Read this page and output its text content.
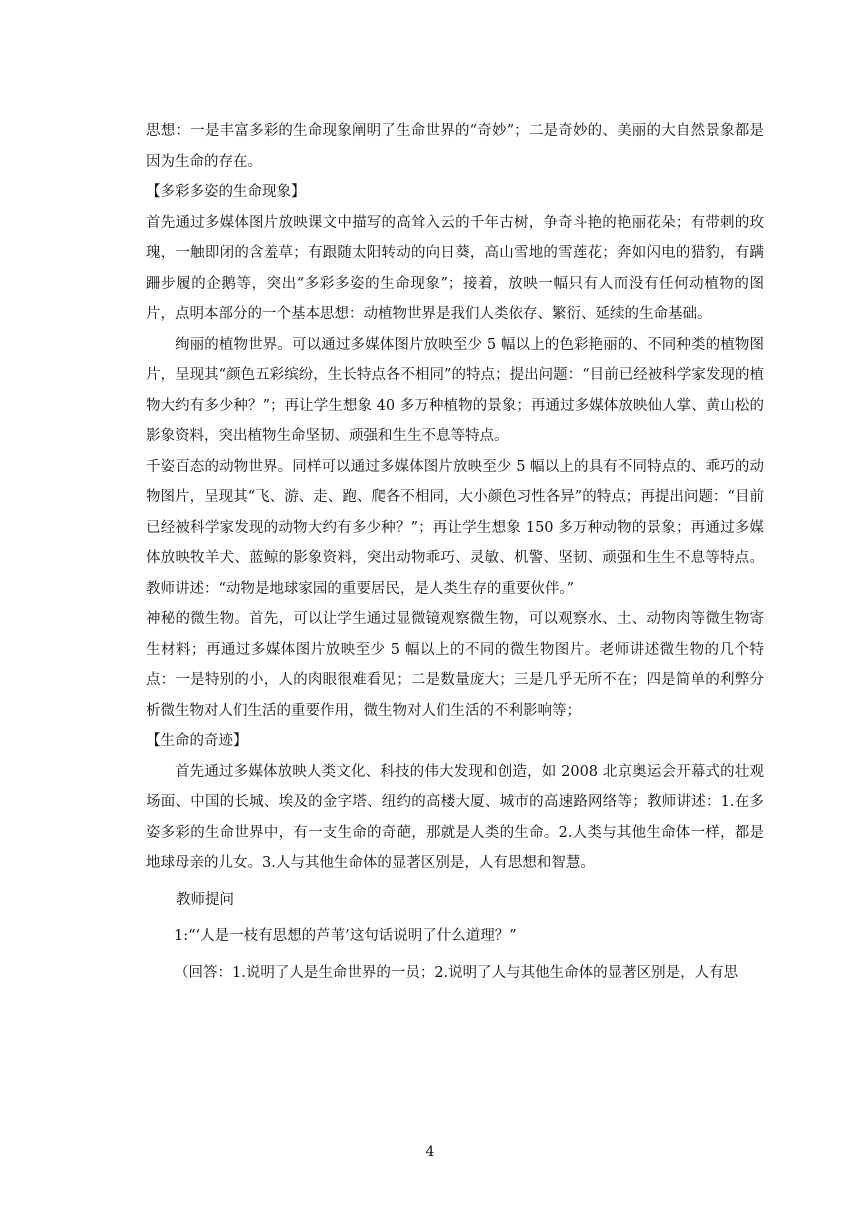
思想：一是丰富多彩的生命现象阐明了生命世界的“奇妙”；二是奇妙的、美丽的大自然景象都是因为生命的存在。

【多彩多姿的生命现象】

首先通过多媒体图片放映课文中描写的高耸入云的千年古树，争奇斗艳的艳丽花朵；有带刺的玫瑰，一触即闭的含羞草；有跟随太阳转动的向日葵，高山雪地的雪莲花；奔如闪电的猎豹，有蹒跚步履的企鹅等，突出“多彩多姿的生命现象”；接着，放映一幅只有人而没有任何动植物的图片，点明本部分的一个基本思想：动植物世界是我们人类依存、繁衍、延续的生命基础。

绚丽的植物世界。可以通过多媒体图片放映至少 5 幅以上的色彩艳丽的、不同种类的植物图片，呈现其“颜色五彩缤纷，生长特点各不相同”的特点；提出问题：“目前已经被科学家发现的植物大约有多少种？”；再让学生想象 40 多万种植物的景象；再通过多媒体放映仙人掌、黄山松的影象资料，突出植物生命坚韧、顽强和生生不息等特点。

千姿百态的动物世界。同样可以通过多媒体图片放映至少 5 幅以上的具有不同特点的、乖巧的动物图片，呈现其“飞、游、走、跑、爬各不相同，大小颜色习性各异”的特点；再提出问题：“目前已经被科学家发现的动物大约有多少种？”；再让学生想象 150 多万种动物的景象；再通过多媒体放映牧羊犬、蓝鲸的影象资料，突出动物乖巧、灵敏、机警、坚韧、顽强和生生不息等特点。教师讲述：“动物是地球家园的重要居民，是人类生存的重要伙伴。”

神秘的微生物。首先，可以让学生通过显微镜观察微生物，可以观察水、土、动物肉等微生物寄生材料；再通过多媒体图片放映至少 5 幅以上的不同的微生物图片。老师讲述微生物的几个特点：一是特别的小，人的肉眼很难看见；二是数量庞大；三是几乎无所不在；四是简单的利弊分析微生物对人们生活的重要作用，微生物对人们生活的不利影响等；

【生命的奇迹】

首先通过多媒体放映人类文化、科技的伟大发现和创造，如 2008 北京奥运会开幕式的壮观场面、中国的长城、埃及的金字塔、纽约的高楼大厦、城市的高速路网络等；教师讲述：1.在多姿多彩的生命世界中，有一支生命的奇葩，那就是人类的生命。2.人类与其他生命体一样，都是地球母亲的儿女。3.人与其他生命体的显著区别是，人有思想和智慧。

教师提问

1:“‘人是一枝有思想的芦苇’这句话说明了什么道理？”

（回答：1.说明了人是生命世界的一员；2.说明了人与其他生命体的显著区别是，人有思

4
